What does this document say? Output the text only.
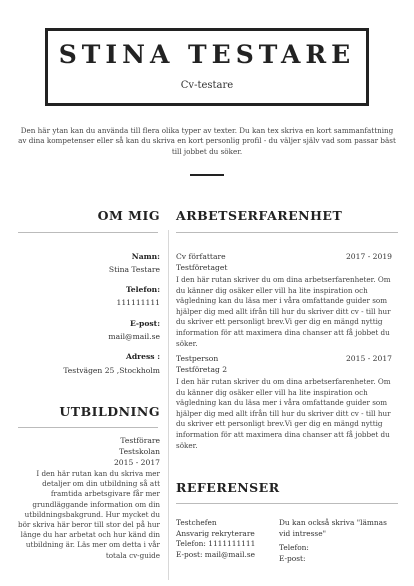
STINA TESTARE
Cv-testare
Den här ytan kan du använda till flera olika typer av texter. Du kan tex skriva en kort sammanfattning av dina kompetenser eller så kan du skriva en kort personlig profil - du väljer själv vad som passar bäst till jobbet du söker.
OM MIG
Namn:
Stina Testare
Telefon:
111111111
E-post:
mail@mail.se
Adress :
Testvägen 25 ,Stockholm
UTBILDNING
Testförare
Testskolan
2015 - 2017
I den här rutan kan du skriva mer detaljer om din utbildning så att framtida arbetsgivare får mer grundläggande information om din utbildningsbakgrund. Hur mycket du bör skriva här beror till stor del på hur länge du har arbetat och hur känd din utbildning är. Läs mer om detta i vår totala cv-guide
ARBETSERFARENHET
Cv författare	2017 - 2019
Testföretaget
I den här rutan skriver du om dina arbetserfarenheter. Om du känner dig osäker eller vill ha lite inspiration och vägledning kan du läsa mer i våra omfattande guider som hjälper dig med allt ifrån till hur du skriver ditt cv - till hur du skriver ett personligt brev.Vi ger dig en mängd nyttig information för att maximera dina chanser att få jobbet du söker.
Testperson	2015 - 2017
Testföretag 2
I den här rutan skriver du om dina arbetserfarenheter. Om du känner dig osäker eller vill ha lite inspiration och vägledning kan du läsa mer i våra omfattande guider som hjälper dig med allt ifrån till hur du skriver ditt cv - till hur du skriver ett personligt brev.Vi ger dig en mängd nyttig information för att maximera dina chanser att få jobbet du söker.
REFERENSER
Testchefen
Ansvarig rekryterare
Telefon: 1111111111
E-post: mail@mail.se
Du kan också skriva "lämnas vid intresse"
Telefon:
E-post:
